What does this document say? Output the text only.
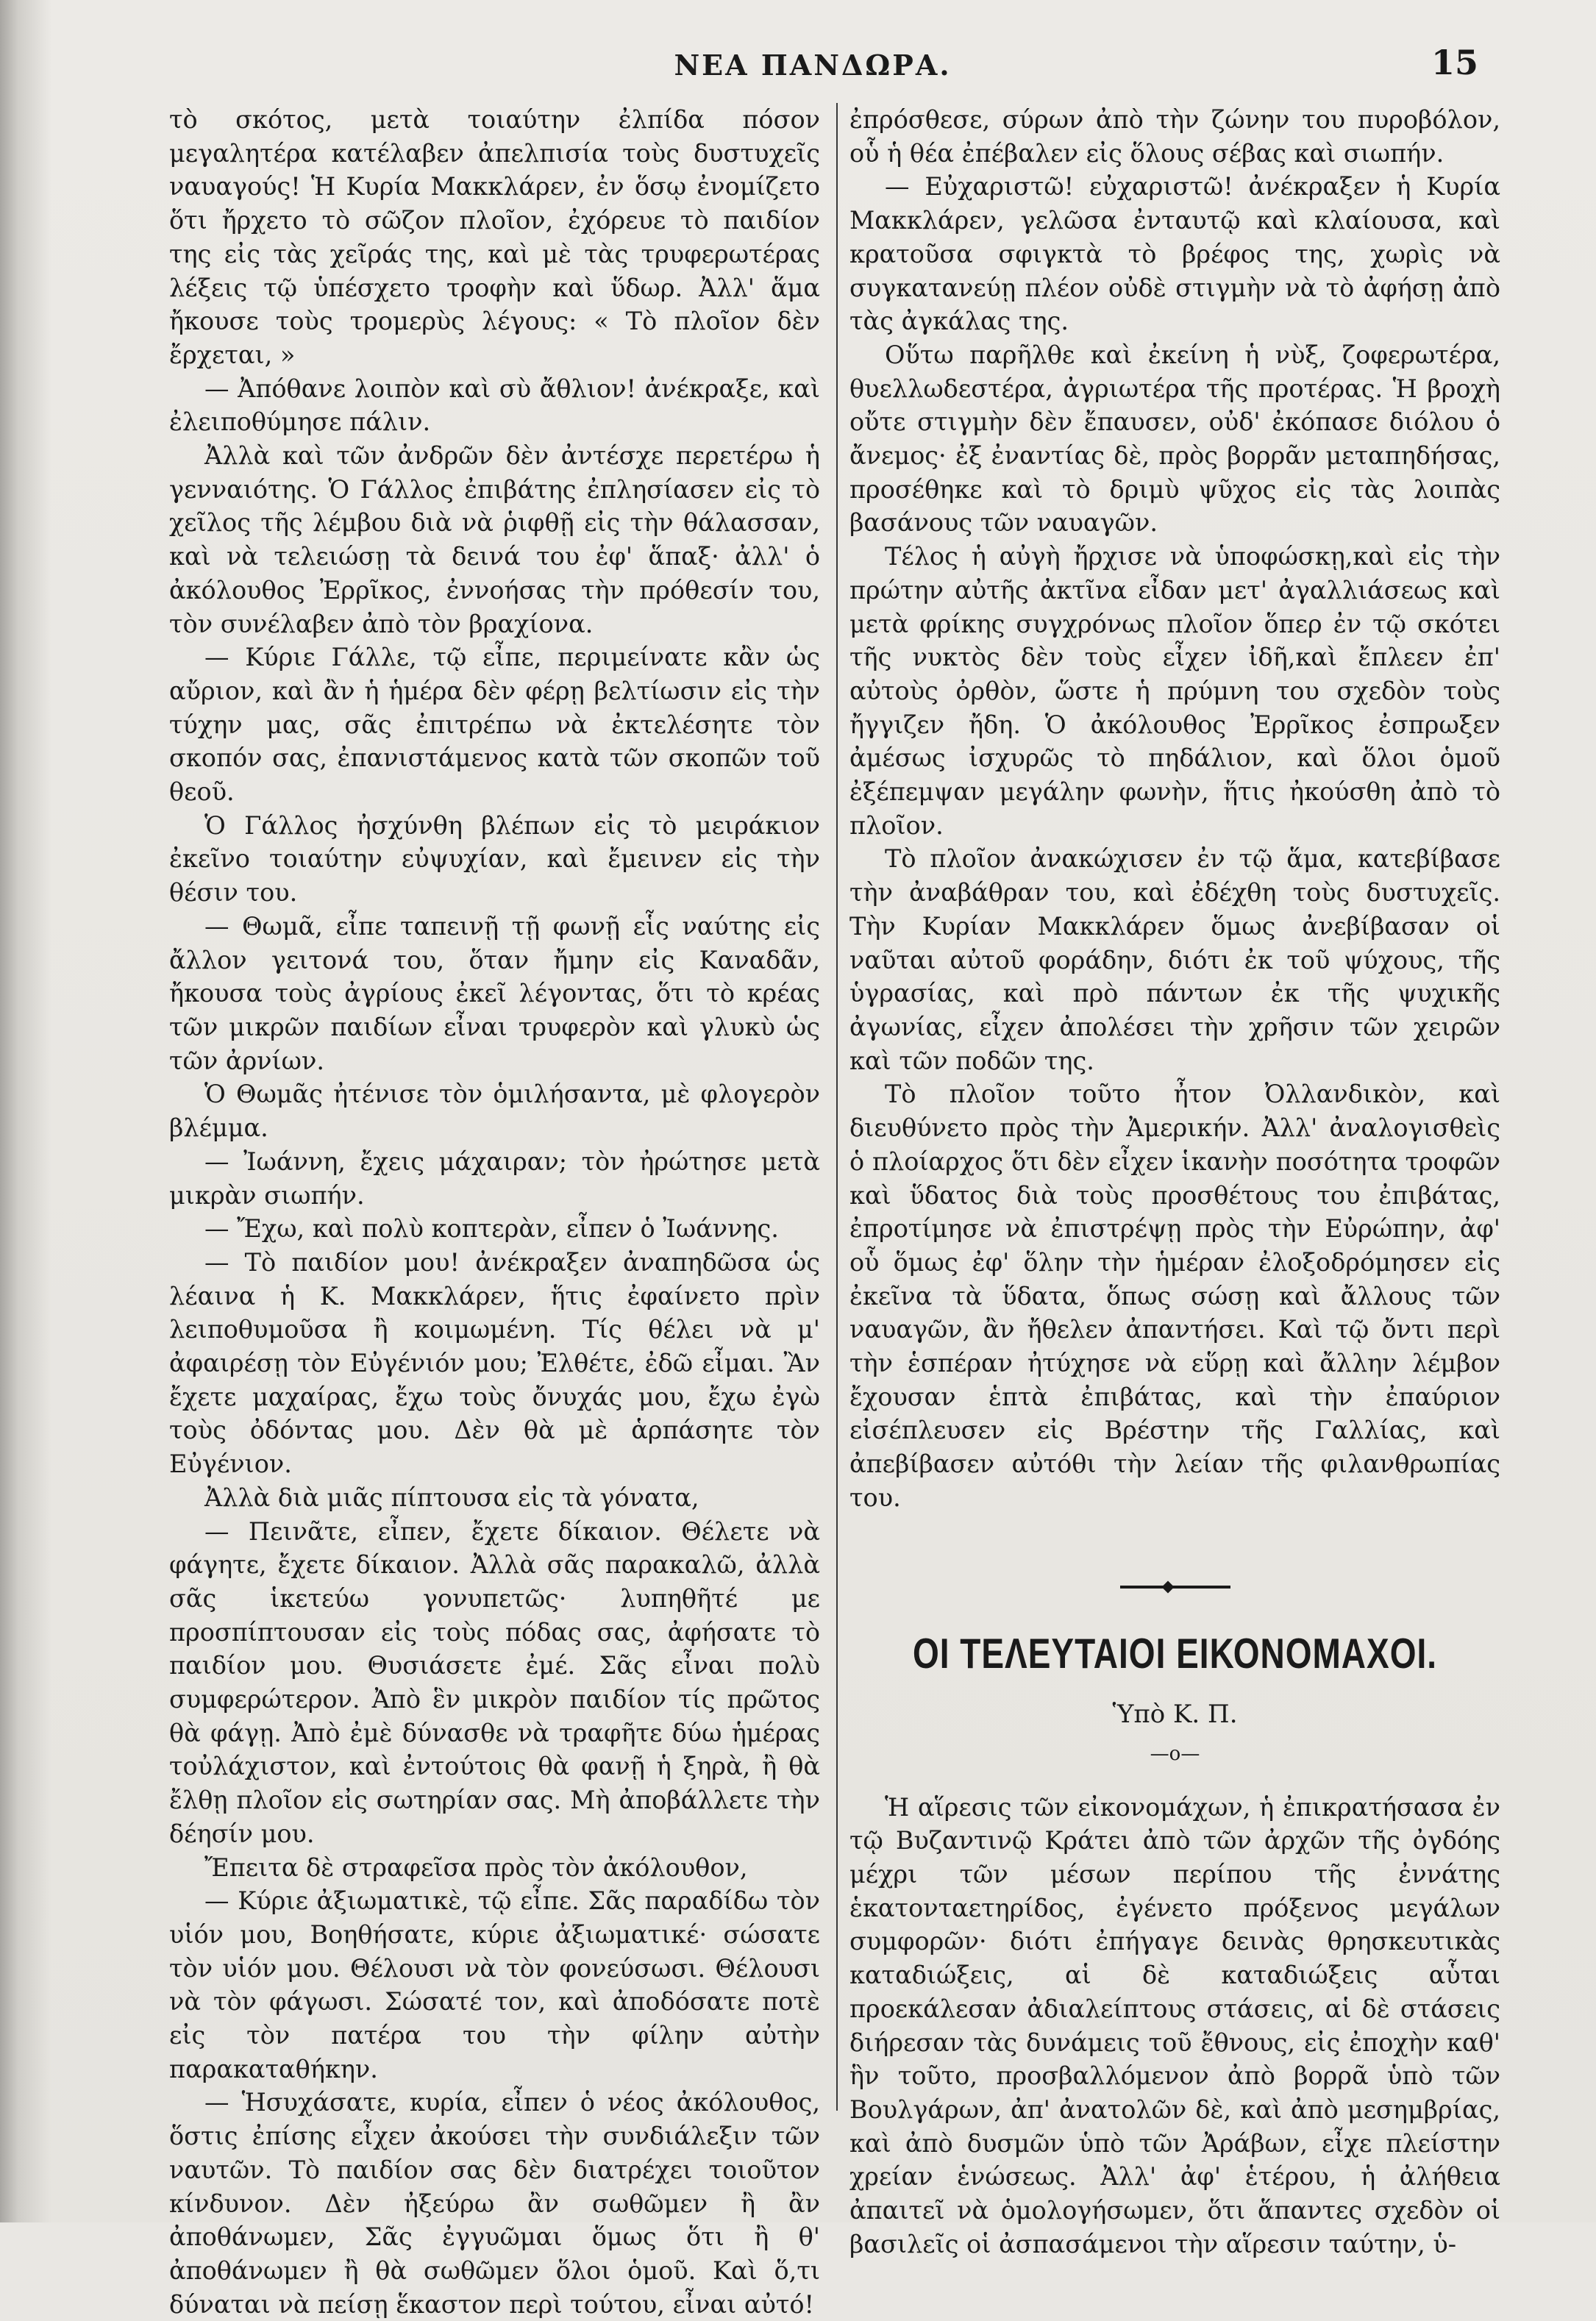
ΝΕΑ ΠΑΝΔΩΡΑ.	15

τὸ σκότος, μετὰ τοιαύτην ἐλπίδα πόσον μεγαλητέρα κατέλαβεν ἀπελπισία τοὺς δυστυχεῖς ναυαγούς! Ἡ Κυρία Μακκλάρεν, ἐν ὅσῳ ἐνομίζετο ὅτι ἤρχετο τὸ σῶζον πλοῖον, ἐχόρευε τὸ παιδίον της εἰς τὰς χεῖράς της, καὶ μὲ τὰς τρυφερωτέρας λέξεις τῷ ὑπέσχετο τροφὴν καὶ ὕδωρ. Ἀλλ' ἅμα ἤκουσε τοὺς τρομερὺς λέγους: « Τὸ πλοῖον δὲν ἔρχεται, »

— Ἀπόθανε λοιπὸν καὶ σὺ ἄθλιον! ἀνέκραξε, καὶ ἐλειποθύμησε πάλιν.

Ἀλλὰ καὶ τῶν ἀνδρῶν δὲν ἀντέσχε περετέρω ἡ γενναιότης. Ὁ Γάλλος ἐπιβάτης ἐπλησίασεν εἰς τὸ χεῖλος τῆς λέμβου διὰ νὰ ῥιφθῇ εἰς τὴν θάλασσαν, καὶ νὰ τελειώσῃ τὰ δεινά του ἐφ' ἅπαξ· ἀλλ' ὁ ἀκόλουθος Ἐρρῖκος, ἐννοήσας τὴν πρόθεσίν του, τὸν συνέλαβεν ἀπὸ τὸν βραχίονα.

— Κύριε Γάλλε, τῷ εἶπε, περιμείνατε κἂν ὡς αὔριον, καὶ ἂν ἡ ἡμέρα δὲν φέρῃ βελτίωσιν εἰς τὴν τύχην μας, σᾶς ἐπιτρέπω νὰ ἐκτελέσητε τὸν σκοπόν σας, ἐπανιστάμενος κατὰ τῶν σκοπῶν τοῦ θεοῦ.

Ὁ Γάλλος ἠσχύνθη βλέπων εἰς τὸ μειράκιον ἐκεῖνο τοιαύτην εὐψυχίαν, καὶ ἔμεινεν εἰς τὴν θέσιν του.

— Θωμᾶ, εἶπε ταπεινῇ τῇ φωνῇ εἷς ναύτης εἰς ἄλλον γειτονά του, ὅταν ἤμην εἰς Καναδᾶν, ἤκουσα τοὺς ἀγρίους ἐκεῖ λέγοντας, ὅτι τὸ κρέας τῶν μικρῶν παιδίων εἶναι τρυφερὸν καὶ γλυκὺ ὡς τῶν ἀρνίων.

Ὁ Θωμᾶς ἠτένισε τὸν ὁμιλήσαντα, μὲ φλογερὸν βλέμμα.

— Ἰωάννη, ἔχεις μάχαιραν; τὸν ἠρώτησε μετὰ μικρὰν σιωπήν.

— Ἔχω, καὶ πολὺ κοπτερὰν, εἶπεν ὁ Ἰωάννης.

— Τὸ παιδίον μου! ἀνέκραξεν ἀναπηδῶσα ὡς λέαινα ἡ Κ. Μακκλάρεν, ἥτις ἐφαίνετο πρὶν λειποθυμοῦσα ἢ κοιμωμένη. Τίς θέλει νὰ μ' ἀφαιρέσῃ τὸν Εὐγένιόν μου; Ἐλθέτε, ἐδῶ εἶμαι. Ἂν ἔχετε μαχαίρας, ἔχω τοὺς ὄνυχάς μου, ἔχω ἐγὼ τοὺς ὀδόντας μου. Δὲν θὰ μὲ ἁρπάσητε τὸν Εὐγένιον.

Ἀλλὰ διὰ μιᾶς πίπτουσα εἰς τὰ γόνατα,

— Πεινᾶτε, εἶπεν, ἔχετε δίκαιον. Θέλετε νὰ φάγητε, ἔχετε δίκαιον. Ἀλλὰ σᾶς παρακαλῶ, ἀλλὰ σᾶς ἱκετεύω γονυπετῶς· λυπηθῆτέ με προσπίπτουσαν εἰς τοὺς πόδας σας, ἀφήσατε τὸ παιδίον μου. Θυσιάσετε ἐμέ. Σᾶς εἶναι πολὺ συμφερώτερον. Ἀπὸ ἓν μικρὸν παιδίον τίς πρῶτος θὰ φάγῃ. Ἀπὸ ἐμὲ δύνασθε νὰ τραφῆτε δύω ἡμέρας τοὐλάχιστον, καὶ ἐντούτοις θὰ φανῇ ἡ ξηρὰ, ἢ θὰ ἔλθῃ πλοῖον εἰς σωτηρίαν σας. Μὴ ἀποβάλλετε τὴν δέησίν μου.

Ἔπειτα δὲ στραφεῖσα πρὸς τὸν ἀκόλουθον,

— Κύριε ἀξιωματικὲ, τῷ εἶπε. Σᾶς παραδίδω τὸν υἱόν μου, Βοηθήσατε, κύριε ἀξιωματικέ· σώσατε τὸν υἱόν μου. Θέλουσι νὰ τὸν φονεύσωσι. Θέλουσι νὰ τὸν φάγωσι. Σώσατέ τον, καὶ ἀποδόσατε ποτὲ εἰς τὸν πατέρα του τὴν φίλην αὐτὴν παρακαταθήκην.

— Ἡσυχάσατε, κυρία, εἶπεν ὁ νέος ἀκόλουθος, ὅστις ἐπίσης εἶχεν ἀκούσει τὴν συνδιάλεξιν τῶν ναυτῶν. Τὸ παιδίον σας δὲν διατρέχει τοιοῦτον κίνδυνον. Δὲν ἠξεύρω ἂν σωθῶμεν ἢ ἂν ἀποθάνωμεν, Σᾶς ἐγγυῶμαι ὅμως ὅτι ἢ θ' ἀποθάνωμεν ἢ θὰ σωθῶμεν ὅλοι ὁμοῦ. Καὶ ὅ,τι δύναται νὰ πείσῃ ἕκαστον περὶ τούτου, εἶναι αὐτό!

ἐπρόσθεσε, σύρων ἀπὸ τὴν ζώνην του πυροβόλον, οὗ ἡ θέα ἐπέβαλεν εἰς ὅλους σέβας καὶ σιωπήν.

— Εὐχαριστῶ! εὐχαριστῶ! ἀνέκραξεν ἡ Κυρία Μακκλάρεν, γελῶσα ἐνταυτῷ καὶ κλαίουσα, καὶ κρατοῦσα σφιγκτὰ τὸ βρέφος της, χωρὶς νὰ συγκατανεύῃ πλέον οὐδὲ στιγμὴν νὰ τὸ ἀφήσῃ ἀπὸ τὰς ἀγκάλας της.

Οὕτω παρῆλθε καὶ ἐκείνη ἡ νὺξ, ζοφερωτέρα, θυελλωδεστέρα, ἀγριωτέρα τῆς προτέρας. Ἡ βροχὴ οὔτε στιγμὴν δὲν ἔπαυσεν, οὐδ' ἐκόπασε διόλου ὁ ἄνεμος· ἐξ ἐναντίας δὲ, πρὸς βορρᾶν μεταπηδήσας, προσέθηκε καὶ τὸ δριμὺ ψῦχος εἰς τὰς λοιπὰς βασάνους τῶν ναυαγῶν.

Τέλος ἡ αὐγὴ ἤρχισε νὰ ὑποφώσκῃ,καὶ εἰς τὴν πρώτην αὐτῆς ἀκτῖνα εἶδαν μετ' ἀγαλλιάσεως καὶ μετὰ φρίκης συγχρόνως πλοῖον ὅπερ ἐν τῷ σκότει τῆς νυκτὸς δὲν τοὺς εἶχεν ἰδῆ,καὶ ἔπλεεν ἐπ' αὐτοὺς ὀρθὸν, ὥστε ἡ πρύμνη του σχεδὸν τοὺς ἤγγιζεν ἤδη. Ὁ ἀκόλουθος Ἐρρῖκος ἐσπρωξεν ἀμέσως ἰσχυρῶς τὸ πηδάλιον, καὶ ὅλοι ὁμοῦ ἐξέπεμψαν μεγάλην φωνὴν, ἥτις ἠκούσθη ἀπὸ τὸ πλοῖον.

Τὸ πλοῖον ἀνακώχισεν ἐν τῷ ἅμα, κατεβίβασε τὴν ἀναβάθραν του, καὶ ἐδέχθη τοὺς δυστυχεῖς. Τὴν Κυρίαν Μακκλάρεν ὅμως ἀνεβίβασαν οἱ ναῦται αὐτοῦ φοράδην, διότι ἐκ τοῦ ψύχους, τῆς ὑγρασίας, καὶ πρὸ πάντων ἐκ τῆς ψυχικῆς ἀγωνίας, εἶχεν ἀπολέσει τὴν χρῆσιν τῶν χειρῶν καὶ τῶν ποδῶν της.

Τὸ πλοῖον τοῦτο ἦτον Ὀλλανδικὸν, καὶ διευθύνετο πρὸς τὴν Ἀμερικήν. Ἀλλ' ἀναλογισθεὶς ὁ πλοίαρχος ὅτι δὲν εἶχεν ἱκανὴν ποσότητα τροφῶν καὶ ὕδατος διὰ τοὺς προσθέτους του ἐπιβάτας, ἐπροτίμησε νὰ ἐπιστρέψῃ πρὸς τὴν Εὐρώπην, ἀφ' οὗ ὅμως ἐφ' ὅλην τὴν ἡμέραν ἐλοξοδρόμησεν εἰς ἐκεῖνα τὰ ὕδατα, ὅπως σώσῃ καὶ ἄλλους τῶν ναυαγῶν, ἂν ἤθελεν ἀπαντήσει. Καὶ τῷ ὄντι περὶ τὴν ἑσπέραν ἠτύχησε νὰ εὕρῃ καὶ ἄλλην λέμβον ἔχουσαν ἑπτὰ ἐπιβάτας, καὶ τὴν ἐπαύριον εἰσέπλευσεν εἰς Βρέστην τῆς Γαλλίας, καὶ ἀπεβίβασεν αὐτόθι τὴν λείαν τῆς φιλανθρωπίας του.

ΟΙ ΤΕΛΕΥΤΑΙΟΙ ΕΙΚΟΝΟΜΑΧΟΙ.
Ὑπὸ Κ. Π.
—o—

Ἡ αἵρεσις τῶν εἰκονομάχων, ἡ ἐπικρατήσασα ἐν τῷ Βυζαντινῷ Κράτει ἀπὸ τῶν ἀρχῶν τῆς ὀγδόης μέχρι τῶν μέσων περίπου τῆς ἐννάτης ἑκατονταετηρίδος, ἐγένετο πρόξενος μεγάλων συμφορῶν· διότι ἐπήγαγε δεινὰς θρησκευτικὰς καταδιώξεις, αἱ δὲ καταδιώξεις αὗται προεκάλεσαν ἀδιαλείπτους στάσεις, αἱ δὲ στάσεις διήρεσαν τὰς δυνάμεις τοῦ ἔθνους, εἰς ἐποχὴν καθ' ἣν τοῦτο, προσβαλλόμενον ἀπὸ βορρᾶ ὑπὸ τῶν Βουλγάρων, ἀπ' ἀνατολῶν δὲ, καὶ ἀπὸ μεσημβρίας, καὶ ἀπὸ δυσμῶν ὑπὸ τῶν Ἀράβων, εἶχε πλείστην χρείαν ἑνώσεως. Ἀλλ' ἀφ' ἑτέρου, ἡ ἀλήθεια ἀπαιτεῖ νὰ ὁμολογήσωμεν, ὅτι ἅπαντες σχεδὸν οἱ βασιλεῖς οἱ ἀσπασάμενοι τὴν αἵρεσιν ταύτην, ὑ-
